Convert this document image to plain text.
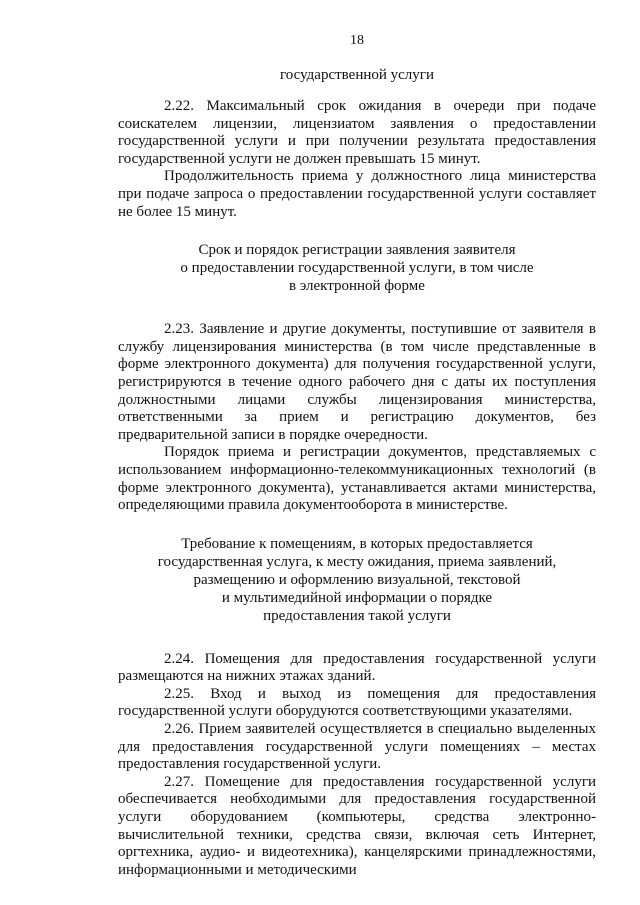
18
государственной услуги

2.22. Максимальный срок ожидания в очереди при подаче соискателем лицензии, лицензиатом заявления о предоставлении государственной услуги и при получении результата предоставления государственной услуги не должен превышать 15 минут.

Продолжительность приема у должностного лица министерства при подаче запроса о предоставлении государственной услуги составляет не более 15 минут.

Срок и порядок регистрации заявления заявителя
о предоставлении государственной услуги, в том числе
в электронной форме

2.23. Заявление и другие документы, поступившие от заявителя в службу лицензирования министерства (в том числе представленные в форме электронного документа) для получения государственной услуги, регистрируются в течение одного рабочего дня с даты их поступления должностными лицами службы лицензирования министерства, ответственными за прием и регистрацию документов, без предварительной записи в порядке очередности.

Порядок приема и регистрации документов, представляемых с использованием информационно-телекоммуникационных технологий (в форме электронного документа), устанавливается актами министерства, определяющими правила документооборота в министерстве.

Требование к помещениям, в которых предоставляется
государственная услуга, к месту ожидания, приема заявлений,
размещению и оформлению визуальной, текстовой
и мультимедийной информации о порядке
предоставления такой услуги

2.24. Помещения для предоставления государственной услуги размещаются на нижних этажах зданий.

2.25. Вход и выход из помещения для предоставления государственной услуги оборудуются соответствующими указателями.

2.26. Прием заявителей осуществляется в специально выделенных для предоставления государственной услуги помещениях – местах предоставления государственной услуги.

2.27. Помещение для предоставления государственной услуги обеспечивается необходимыми для предоставления государственной услуги оборудованием (компьютеры, средства электронно-вычислительной техники, средства связи, включая сеть Интернет, оргтехника, аудио- и видеотехника), канцелярскими принадлежностями, информационными и методическими
